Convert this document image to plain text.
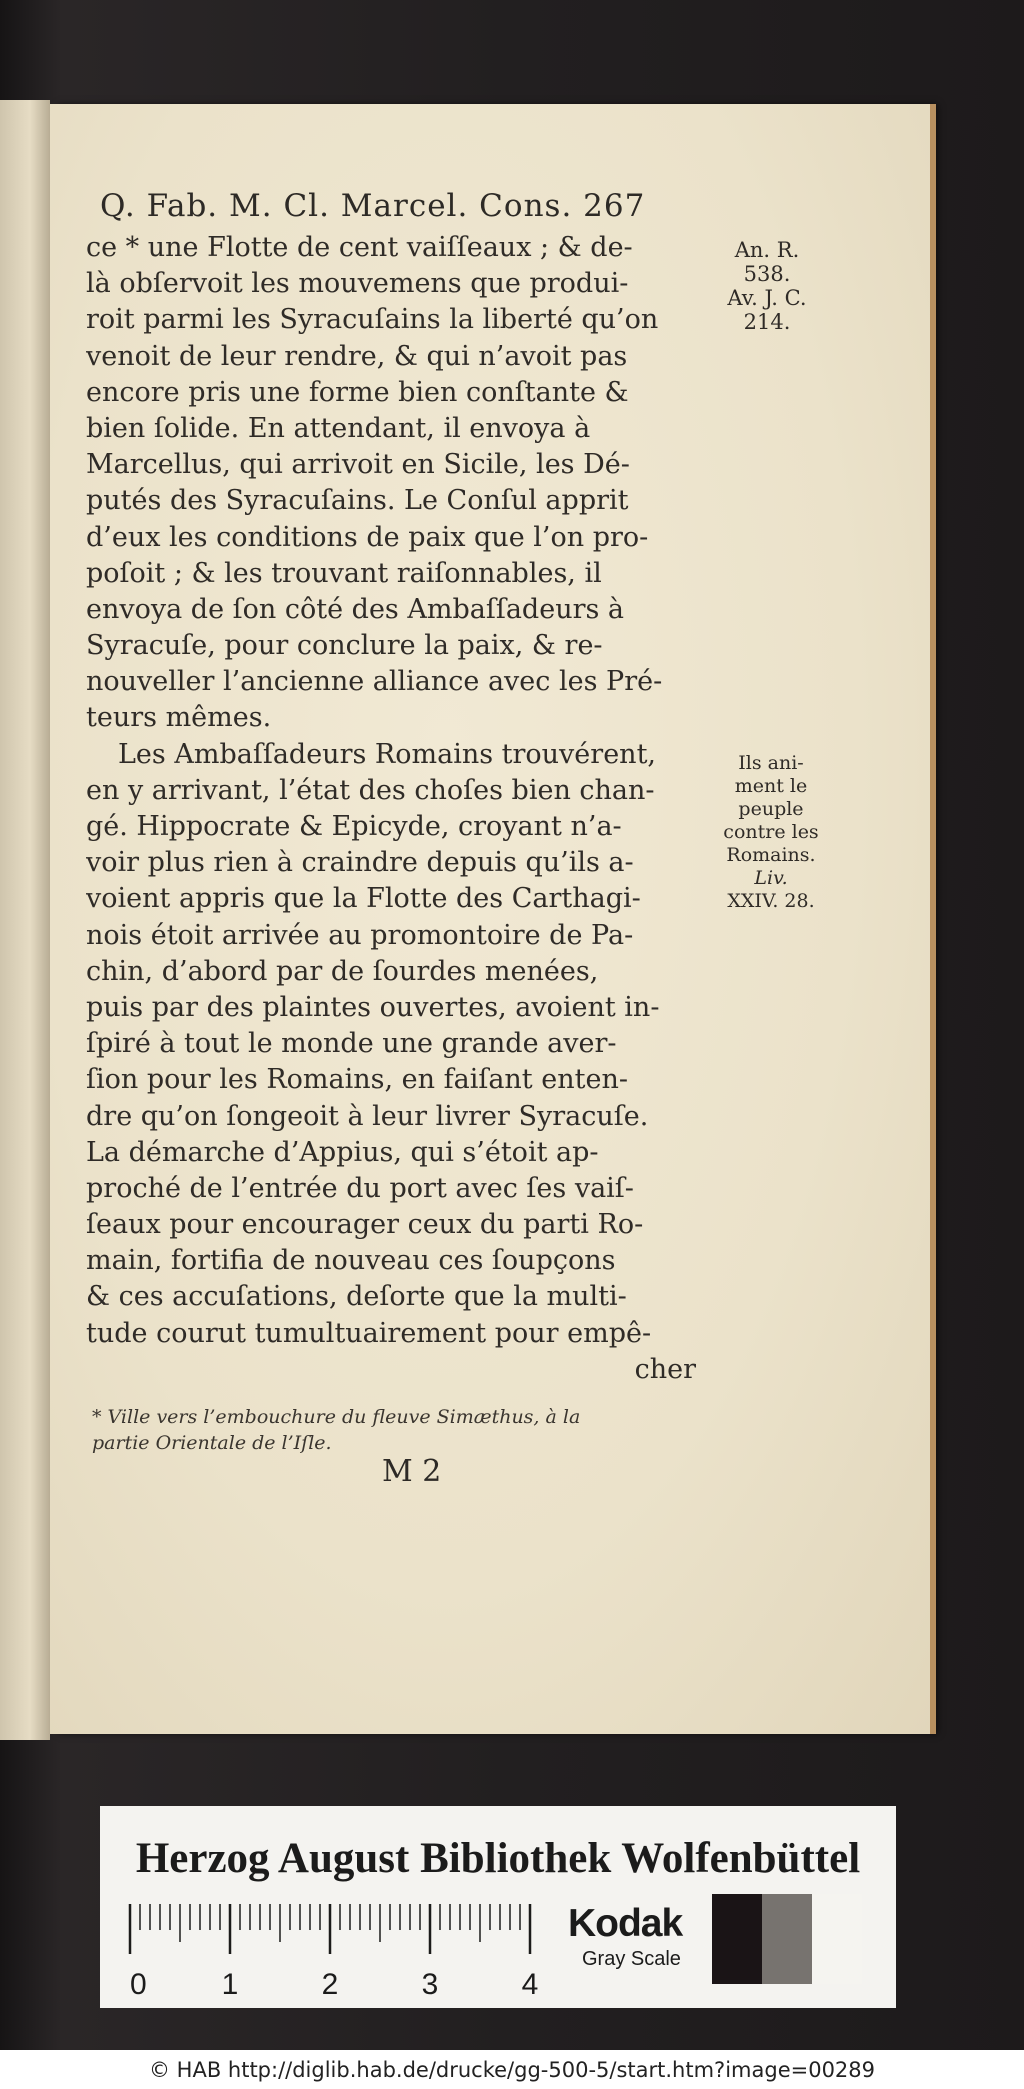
Q. Fab. M. Cl. Marcel. Cons. 267
ce * une Flotte de cent vaiſſeaux ; & de-
là obſervoit les mouvemens que produi-
roit parmi les Syracuſains la liberté qu’on
venoit de leur rendre, & qui n’avoit pas
encore pris une forme bien conſtante &
bien ſolide. En attendant, il envoya à
Marcellus, qui arrivoit en Sicile, les Dé-
putés des Syracuſains. Le Conſul apprit
d’eux les conditions de paix que l’on pro-
poſoit ; & les trouvant raiſonnables, il
envoya de ſon côté des Ambaſſadeurs à
Syracuſe, pour conclure la paix, & re-
nouveller l’ancienne alliance avec les Pré-
teurs mêmes.
Les Ambaſſadeurs Romains trouvérent,
en y arrivant, l’état des choſes bien chan-
gé. Hippocrate & Epicyde, croyant n’a-
voir plus rien à craindre depuis qu’ils a-
voient appris que la Flotte des Carthagi-
nois étoit arrivée au promontoire de Pa-
chin, d’abord par de ſourdes menées,
puis par des plaintes ouvertes, avoient in-
ſpiré à tout le monde une grande aver-
ſion pour les Romains, en faiſant enten-
dre qu’on ſongeoit à leur livrer Syracuſe.
La démarche d’Appius, qui s’étoit ap-
proché de l’entrée du port avec ſes vaiſ-
ſeaux pour encourager ceux du parti Ro-
main, fortifia de nouveau ces ſoupçons
& ces accuſations, deſorte que la multi-
tude courut tumultuairement pour empê-
cher
An. R.
538.
Av. J. C.
214.
Ils ani-
ment le
peuple
contre les
Romains.
Liv.
XXIV. 28.
* Ville vers l’embouchure du fleuve Simæthus, à la
partie Orientale de l’Iſle.
M 2
Herzog August Bibliothek Wolfenbüttel
0 1	2	3	4
Kodak
Gray Scale
© HAB http://diglib.hab.de/drucke/gg-500-5/start.htm?image=00289
